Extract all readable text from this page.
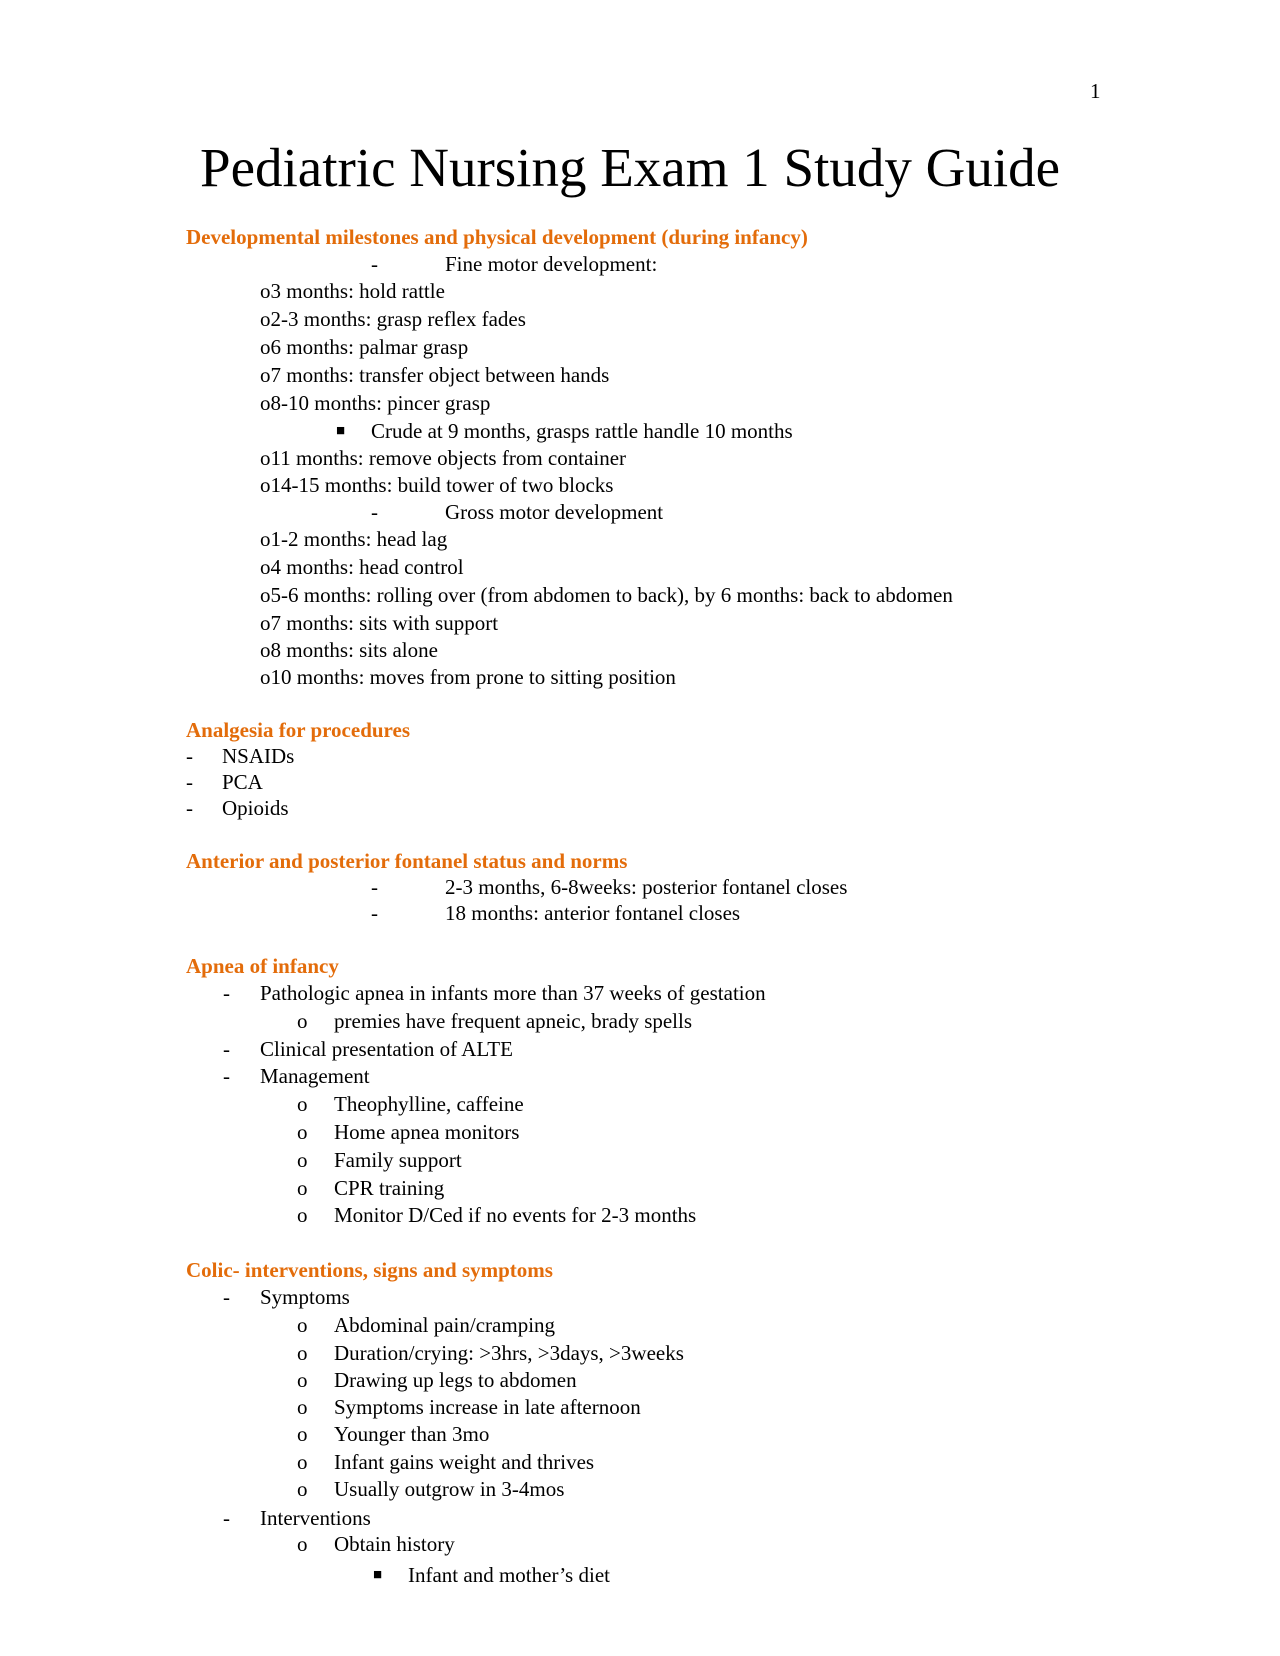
1
Pediatric Nursing Exam 1 Study Guide
Developmental milestones and physical development (during infancy)
-	Fine motor development:
o3 months: hold rattle
o2-3 months: grasp reflex fades
o6 months: palmar grasp
o7 months: transfer object between hands
o8-10 months: pincer grasp
■ Crude at 9 months, grasps rattle handle 10 months
o11 months: remove objects from container
o14-15 months: build tower of two blocks
-	Gross motor development
o1-2 months: head lag
o4 months: head control
o5-6 months: rolling over (from abdomen to back), by 6 months: back to abdomen
o7 months: sits with support
o8 months: sits alone
o10 months: moves from prone to sitting position
Analgesia for procedures
- NSAIDs
- PCA
- Opioids
Anterior and posterior fontanel status and norms
-	2-3 months, 6-8weeks: posterior fontanel closes
-	18 months: anterior fontanel closes
Apnea of infancy
- Pathologic apnea in infants more than 37 weeks of gestation
o premies have frequent apneic, brady spells
- Clinical presentation of ALTE
- Management
o Theophylline, caffeine
o Home apnea monitors
o Family support
o CPR training
o Monitor D/Ced if no events for 2-3 months
Colic- interventions, signs and symptoms
- Symptoms
o Abdominal pain/cramping
o Duration/crying: >3hrs, >3days, >3weeks
o Drawing up legs to abdomen
o Symptoms increase in late afternoon
o Younger than 3mo
o Infant gains weight and thrives
o Usually outgrow in 3-4mos
- Interventions
o Obtain history
■ Infant and mother’s diet
